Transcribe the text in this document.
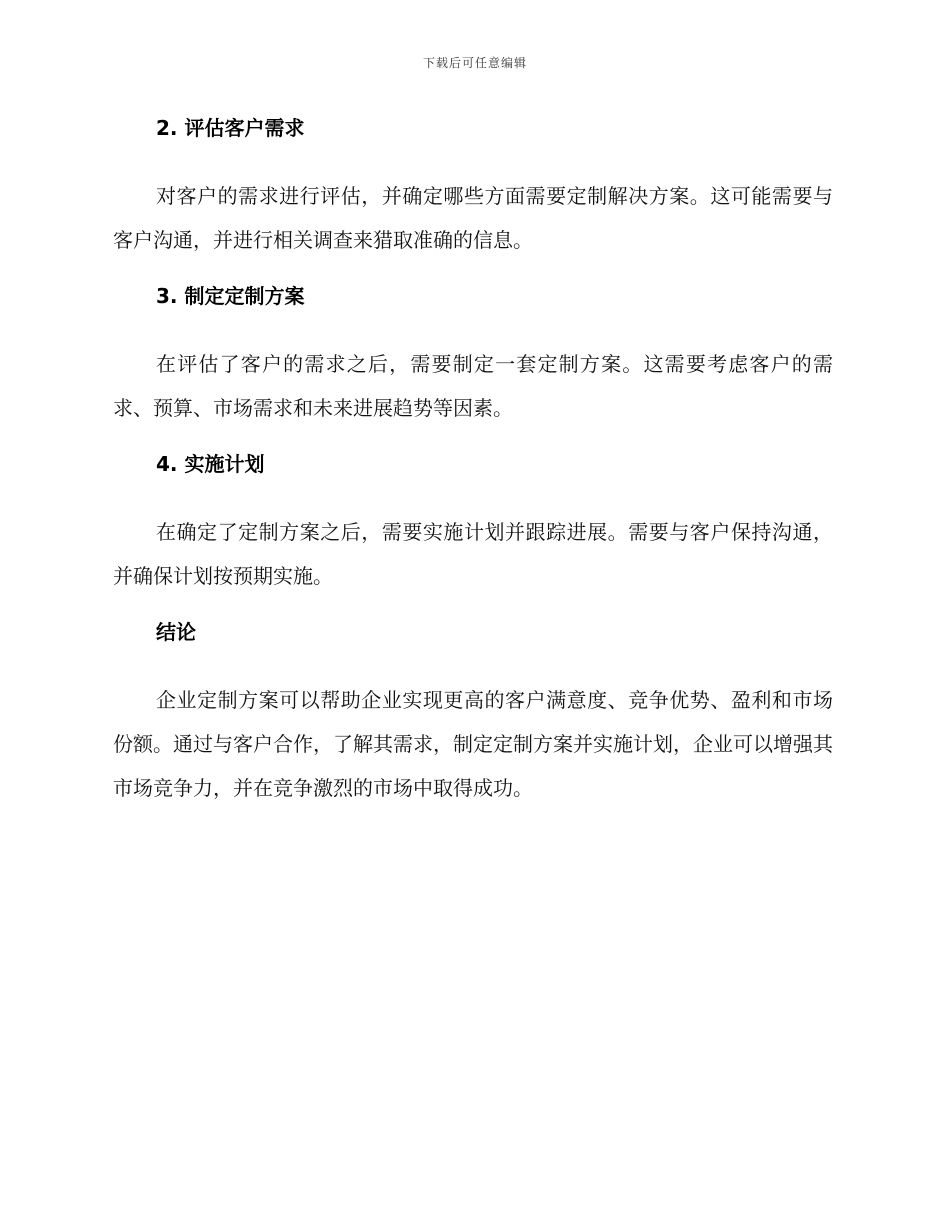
下载后可任意编辑
2. 评估客户需求

对客户的需求进行评估，并确定哪些方面需要定制解决方案。这可能需要与客户沟通，并进行相关调查来猎取准确的信息。

3. 制定定制方案

在评估了客户的需求之后，需要制定一套定制方案。这需要考虑客户的需求、预算、市场需求和未来进展趋势等因素。

4. 实施计划

在确定了定制方案之后，需要实施计划并跟踪进展。需要与客户保持沟通，并确保计划按预期实施。

结论

企业定制方案可以帮助企业实现更高的客户满意度、竞争优势、盈利和市场份额。通过与客户合作，了解其需求，制定定制方案并实施计划，企业可以增强其市场竞争力，并在竞争激烈的市场中取得成功。
